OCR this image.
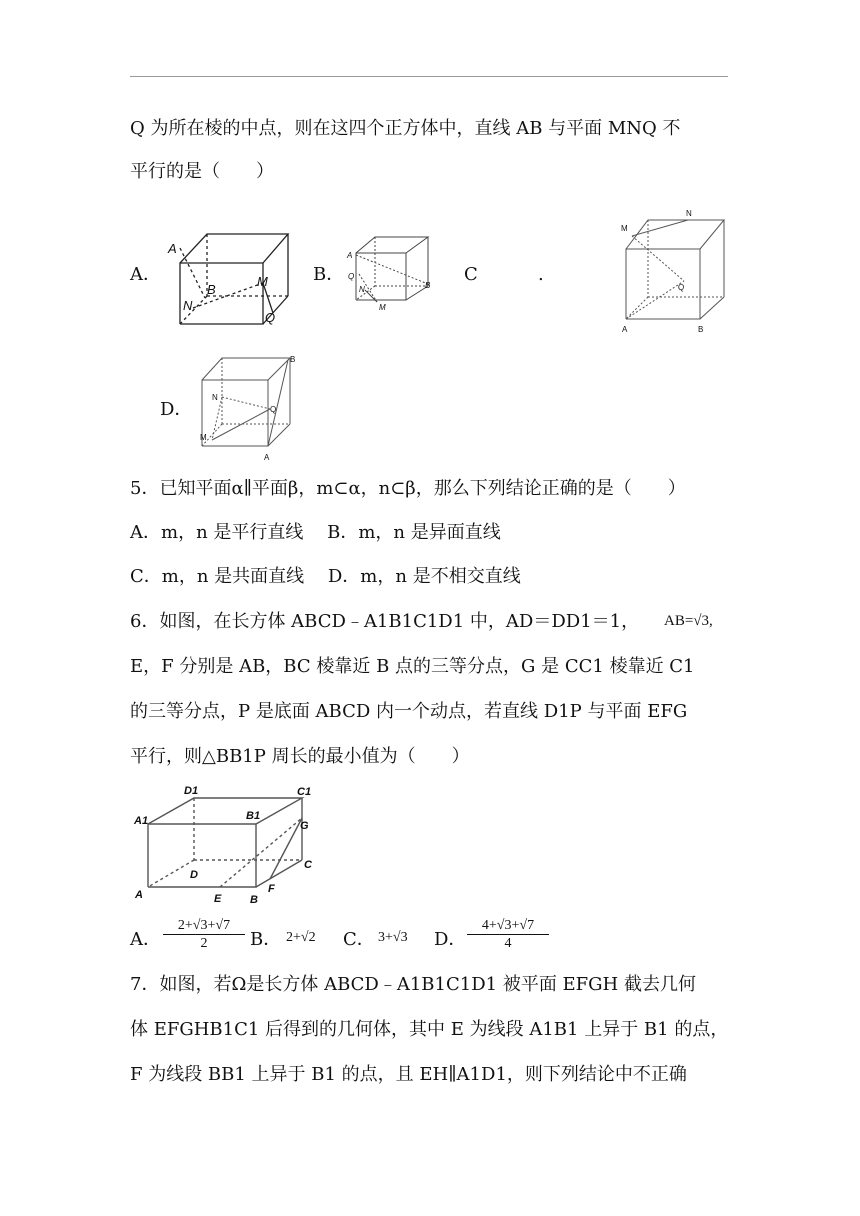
Q 为所在棱的中点，则在这四个正方体中，直线 AB 与平面 MNQ 不
平行的是（　　）
A．
A
B
N
M
Q
B．
A
Q
N
M
B
C	.
M
N
Q
A	B
D．
B
N
Q
M
A
5．已知平面α∥平面β，m⊂α，n⊂β，那么下列结论正确的是（　　）
A．m，n 是平行直线　 B．m，n 是异面直线
C．m，n 是共面直线　 D．m，n 是不相交直线
6．如图，在长方体 ABCD﹣A1B1C1D1 中，AD＝DD1＝1，	AB=√3,
E，F 分别是 AB，BC 棱靠近 B 点的三等分点，G 是 CC1 棱靠近 C1
的三等分点，P 是底面 ABCD 内一个动点，若直线 D1P 与平面 EFG
平行，则△BB1P 周长的最小值为（　　）
D1	C1
A1	B1
G
C
D
A	E	B
F
A． $\frac{2+√3+√7}{2}$ B． 2+√2 C． 3+√3 D． $\frac{4+√3+√7}{4}$
7．如图，若Ω是长方体 ABCD﹣A1B1C1D1 被平面 EFGH 截去几何
体 EFGHB1C1 后得到的几何体，其中 E 为线段 A1B1 上异于 B1 的点，
F 为线段 BB1 上异于 B1 的点，且 EH∥A1D1，则下列结论中不正确
